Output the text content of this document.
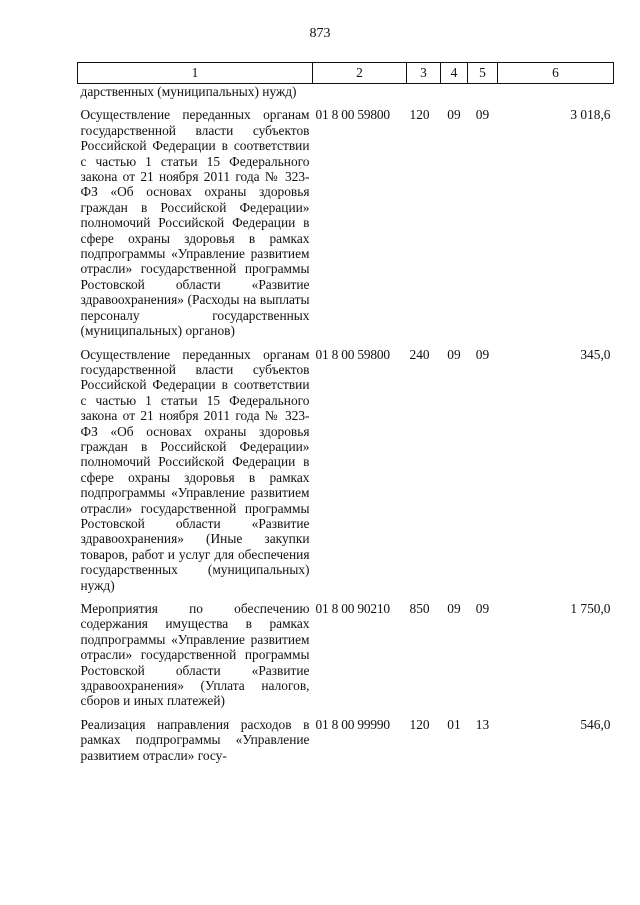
873
1	2	3	4	5	6
дарственных (муниципальных) нужд)					
Осуществление переданных органам государственной власти субъектов Российской Федерации в соответствии с частью 1 статьи 15 Федерального закона от 21 ноября 2011 года № 323-ФЗ «Об основах охраны здоровья граждан в Российской Федерации» полномочий Российской Федерации в сфере охраны здоровья в рамках подпрограммы «Управление развитием отрасли» государственной программы Ростовской области «Развитие здравоохранения» (Расходы на выплаты персоналу государственных (муниципальных) органов)	01 8 00 59800	120	09	09	3 018,6
Осуществление переданных органам государственной власти субъектов Российской Федерации в соответствии с частью 1 статьи 15 Федерального закона от 21 ноября 2011 года № 323-ФЗ «Об основах охраны здоровья граждан в Российской Федерации» полномочий Российской Федерации в сфере охраны здоровья в рамках подпрограммы «Управление развитием отрасли» государственной программы Ростовской области «Развитие здравоохранения» (Иные закупки товаров, работ и услуг для обеспечения государственных (муниципальных) нужд)	01 8 00 59800	240	09	09	345,0
Мероприятия по обеспечению содержания имущества в рамках подпрограммы «Управление развитием отрасли» государственной программы Ростовской области «Развитие здравоохранения» (Уплата налогов, сборов и иных платежей)	01 8 00 90210	850	09	09	1 750,0
Реализация направления расходов в рамках подпрограммы «Управление развитием отрасли» госу-	01 8 00 99990	120	01	13	546,0
